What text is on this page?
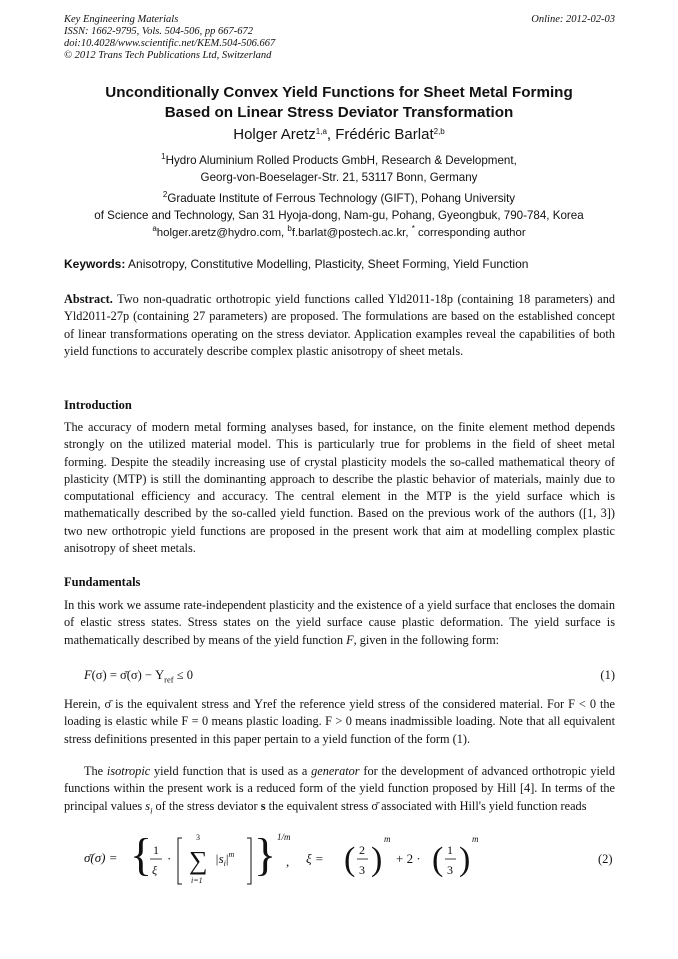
Key Engineering Materials
ISSN: 1662-9795, Vols. 504-506, pp 667-672
doi:10.4028/www.scientific.net/KEM.504-506.667
© 2012 Trans Tech Publications Ltd, Switzerland
Online: 2012-02-03
Unconditionally Convex Yield Functions for Sheet Metal Forming
Based on Linear Stress Deviator Transformation
Holger Aretz$^{1,a}$, Frédéric Barlat$^{2,b}$
$^1$Hydro Aluminium Rolled Products GmbH, Research & Development,
Georg-von-Boeselager-Str. 21, 53117 Bonn, Germany
$^2$Graduate Institute of Ferrous Technology (GIFT), Pohang University
of Science and Technology, San 31 Hyoja-dong, Nam-gu, Pohang, Gyeongbuk, 790-784, Korea
$^a$holger.aretz@hydro.com, $^b$f.barlat@postech.ac.kr, * corresponding author
Keywords: Anisotropy, Constitutive Modelling, Plasticity, Sheet Forming, Yield Function
Abstract. Two non-quadratic orthotropic yield functions called Yld2011-18p (containing 18 parameters) and Yld2011-27p (containing 27 parameters) are proposed. The formulations are based on the established concept of linear transformations operating on the stress deviator. Application examples reveal the capabilities of both yield functions to accurately describe complex plastic anisotropy of sheet metals.
Introduction
The accuracy of modern metal forming analyses based, for instance, on the finite element method depends strongly on the utilized material model. This is particularly true for problems in the field of sheet metal forming. Despite the steadily increasing use of crystal plasticity models the so-called mathematical theory of plasticity (MTP) is still the dominanting approach to describe the plastic behavior of materials, mainly due to computational efficiency and accuracy. The central element in the MTP is the yield surface which is mathematically described by the so-called yield function. Based on the previous work of the authors ([1, 3]) two new orthotropic yield functions are proposed in the present work that aim at modelling complex plastic anisotropy of sheet metals.
Fundamentals
In this work we assume rate-independent plasticity and the existence of a yield surface that encloses the domain of elastic stress states. Stress states on the yield surface cause plastic deformation. The yield surface is mathematically described by means of the yield function F, given in the following form:
F(σ) = σ̄(σ) − $Y_{ref} \le 0$	(1)
Herein, σ̄ is the equivalent stress and Yref the reference yield stress of the considered material. For F < 0 the loading is elastic while F = 0 means plastic loading. F > 0 means inadmissible loading. Note that all equivalent stress definitions presented in this paper pertain to a yield function of the form (1).
The isotropic yield function that is used as a generator for the development of advanced orthotropic yield functions within the present work is a reduced form of the yield function proposed by Hill [4]. In terms of the principal values $s_i$ of the stress deviator s the equivalent stress σ̄ associated with Hill's yield function reads
σ̄(σ) = { 1
ξ
·
3
∑
i=1
$|s_i|^m$ } 1/m
, ξ = ( 2
3 )
m
+ 2 · ( 1
3 )
m
(2)
